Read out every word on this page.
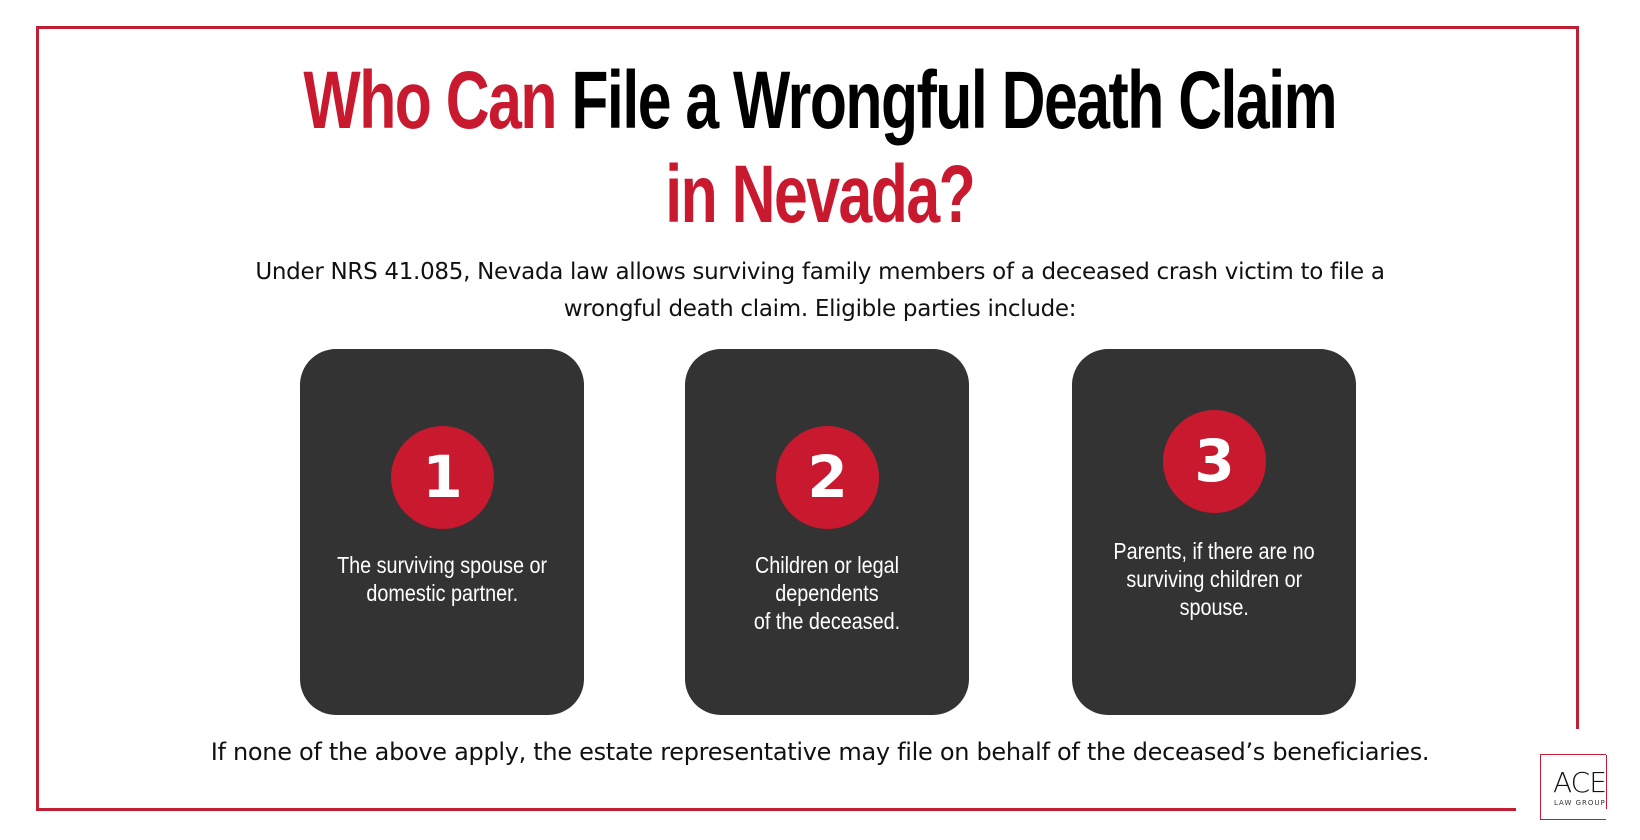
Who Can File a Wrongful Death Claim
in Nevada?
Under NRS 41.085, Nevada law allows surviving family members of a deceased crash victim to file a
wrongful death claim. Eligible parties include:
1
The surviving spouse or
domestic partner.
2
Children or legal dependents
of the deceased.
3
Parents, if there are no
surviving children or
spouse.
If none of the above apply, the estate representative may file on behalf of the deceased’s beneficiaries.
ACE
LAW GROUP
